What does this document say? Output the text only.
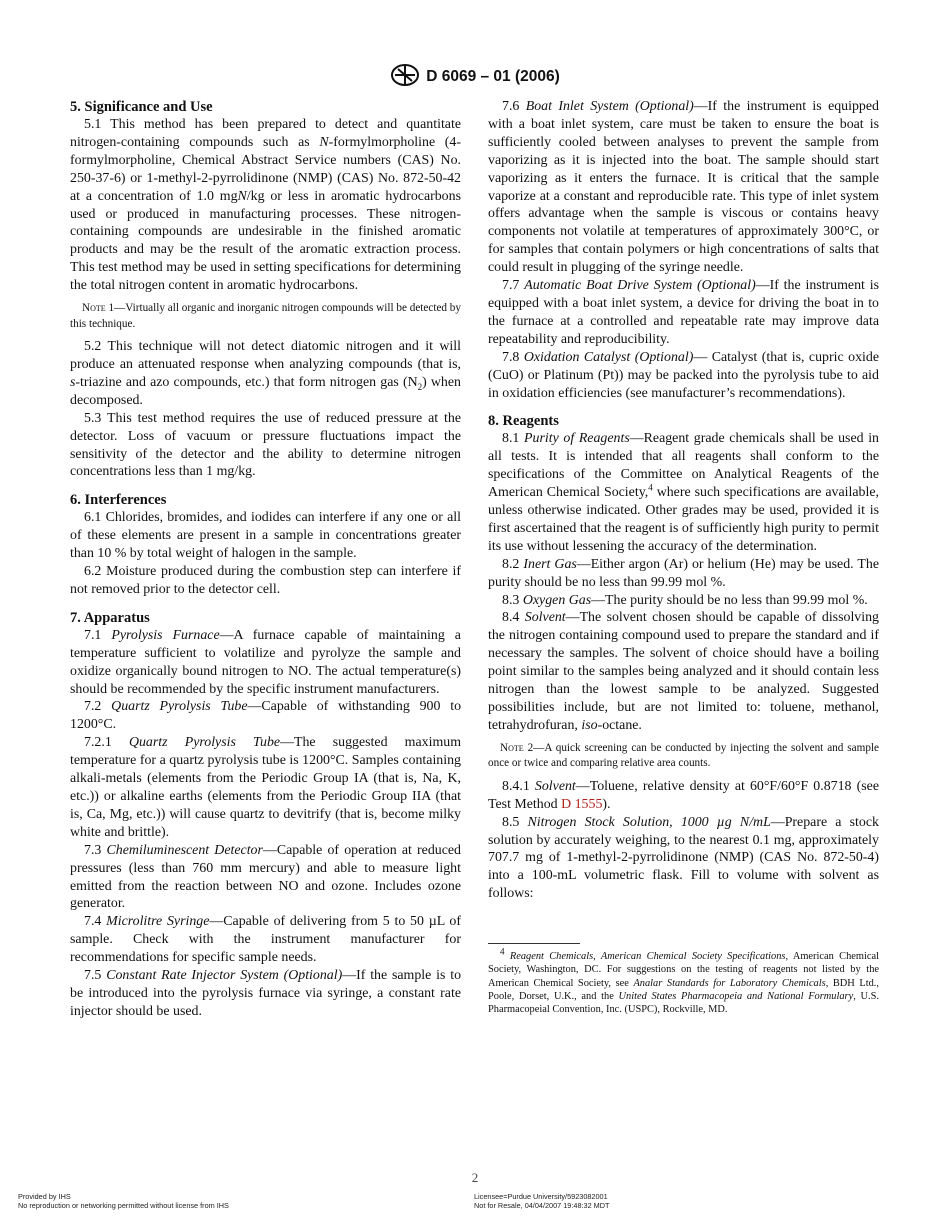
D 6069 – 01 (2006)
5. Significance and Use

5.1 This method has been prepared to detect and quantitate nitrogen-containing compounds such as N-formylmorpholine (4-formylmorpholine, Chemical Abstract Service numbers (CAS) No. 250-37-6) or 1-methyl-2-pyrrolidinone (NMP) (CAS) No. 872-50-42 at a concentration of 1.0 mgN/kg or less in aromatic hydrocarbons used or produced in manufacturing processes. These nitrogen-containing compounds are undesirable in the finished aromatic products and may be the result of the aromatic extraction process. This test method may be used in setting specifications for determining the total nitrogen content in aromatic hydrocarbons.

Note 1—Virtually all organic and inorganic nitrogen compounds will be detected by this technique.

5.2 This technique will not detect diatomic nitrogen and it will produce an attenuated response when analyzing compounds (that is, s-triazine and azo compounds, etc.) that form nitrogen gas $(N_2)$ when decomposed.

5.3 This test method requires the use of reduced pressure at the detector. Loss of vacuum or pressure fluctuations impact the sensitivity of the detector and the ability to determine nitrogen concentrations less than 1 mg/kg.

6. Interferences

6.1 Chlorides, bromides, and iodides can interfere if any one or all of these elements are present in a sample in concentrations greater than 10 % by total weight of halogen in the sample.

6.2 Moisture produced during the combustion step can interfere if not removed prior to the detector cell.

7. Apparatus

7.1 Pyrolysis Furnace—A furnace capable of maintaining a temperature sufficient to volatilize and pyrolyze the sample and oxidize organically bound nitrogen to NO. The actual temperature(s) should be recommended by the specific instrument manufacturers.

7.2 Quartz Pyrolysis Tube—Capable of withstanding 900 to 1200°C.

7.2.1 Quartz Pyrolysis Tube—The suggested maximum temperature for a quartz pyrolysis tube is 1200°C. Samples containing alkali-metals (elements from the Periodic Group IA (that is, Na, K, etc.)) or alkaline earths (elements from the Periodic Group IIA (that is, Ca, Mg, etc.)) will cause quartz to devitrify (that is, become milky white and brittle).

7.3 Chemiluminescent Detector—Capable of operation at reduced pressures (less than 760 mm mercury) and able to measure light emitted from the reaction between NO and ozone. Includes ozone generator.

7.4 Microlitre Syringe—Capable of delivering from 5 to 50 µL of sample. Check with the instrument manufacturer for recommendations for specific sample needs.

7.5 Constant Rate Injector System (Optional)—If the sample is to be introduced into the pyrolysis furnace via syringe, a constant rate injector should be used.

7.6 Boat Inlet System (Optional)—If the instrument is equipped with a boat inlet system, care must be taken to ensure the boat is sufficiently cooled between analyses to prevent the sample from vaporizing as it is injected into the boat. The sample should start vaporizing as it enters the furnace. It is critical that the sample vaporize at a constant and reproducible rate. This type of inlet system offers advantage when the sample is viscous or contains heavy components not volatile at temperatures of approximately 300°C, or for samples that contain polymers or high concentrations of salts that could result in plugging of the syringe needle.

7.7 Automatic Boat Drive System (Optional)—If the instrument is equipped with a boat inlet system, a device for driving the boat in to the furnace at a controlled and repeatable rate may improve data repeatability and reproducibility.

7.8 Oxidation Catalyst (Optional)— Catalyst (that is, cupric oxide (CuO) or Platinum (Pt)) may be packed into the pyrolysis tube to aid in oxidation efficiencies (see manufacturer’s recommendations).

8. Reagents

8.1 Purity of Reagents—Reagent grade chemicals shall be used in all tests. It is intended that all reagents shall conform to the specifications of the Committee on Analytical Reagents of the American Chemical Society,$^4$ where such specifications are available, unless otherwise indicated. Other grades may be used, provided it is first ascertained that the reagent is of sufficiently high purity to permit its use without lessening the accuracy of the determination.

8.2 Inert Gas—Either argon (Ar) or helium (He) may be used. The purity should be no less than 99.99 mol %.

8.3 Oxygen Gas—The purity should be no less than 99.99 mol %.

8.4 Solvent—The solvent chosen should be capable of dissolving the nitrogen containing compound used to prepare the standard and if necessary the samples. The solvent of choice should have a boiling point similar to the samples being analyzed and it should contain less nitrogen than the lowest sample to be analyzed. Suggested possibilities include, but are not limited to: toluene, methanol, tetrahydrofuran, iso-octane.

Note 2—A quick screening can be conducted by injecting the solvent and sample once or twice and comparing relative area counts.

8.4.1 Solvent—Toluene, relative density at 60°F/60°F 0.8718 (see Test Method D 1555).

8.5 Nitrogen Stock Solution, 1000 µg N/mL—Prepare a stock solution by accurately weighing, to the nearest 0.1 mg, approximately 707.7 mg of 1-methyl-2-pyrrolidinone (NMP) (CAS No. 872-50-4) into a 100-mL volumetric flask. Fill to volume with solvent as follows:

$^4$ Reagent Chemicals, American Chemical Society Specifications, American Chemical Society, Washington, DC. For suggestions on the testing of reagents not listed by the American Chemical Society, see Analar Standards for Laboratory Chemicals, BDH Ltd., Poole, Dorset, U.K., and the United States Pharmacopeia and National Formulary, U.S. Pharmacopeial Convention, Inc. (USPC), Rockville, MD.

2
Provided by IHS
No reproduction or networking permitted without license from IHS
Licensee=Purdue University/5923082001
Not for Resale, 04/04/2007 19:48:32 MDT
